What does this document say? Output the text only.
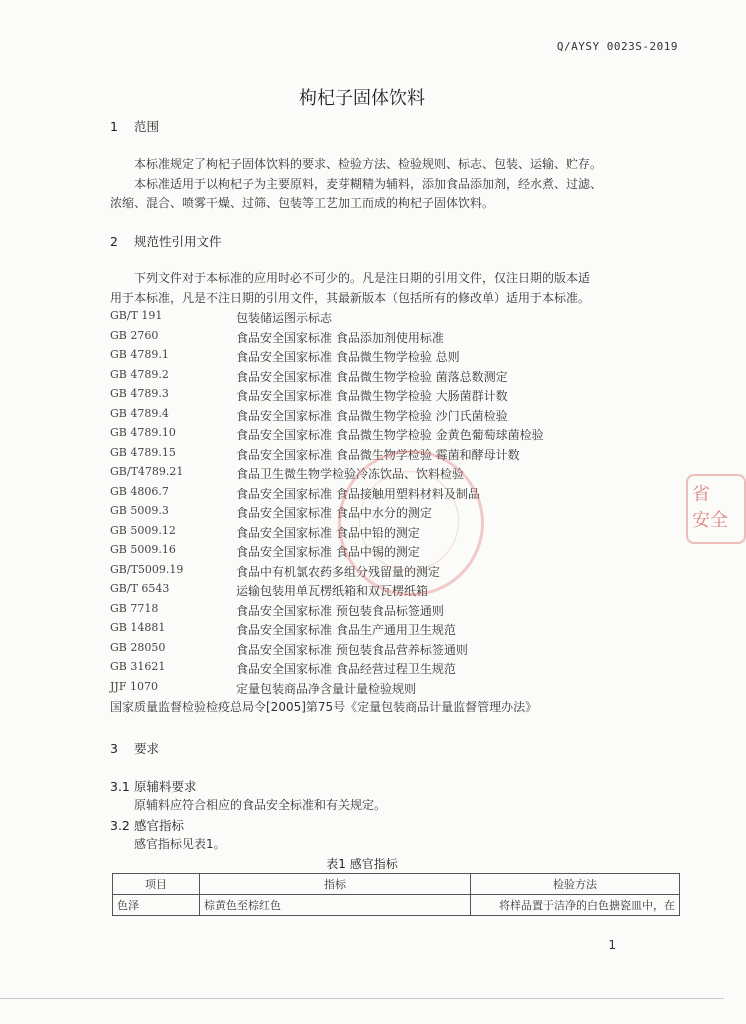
Q/AYSY 0023S-2019
枸杞子固体饮料
1 范围
本标准规定了枸杞子固体饮料的要求、检验方法、检验规则、标志、包装、运输、贮存。
本标准适用于以枸杞子为主要原料，麦芽糊精为辅料，添加食品添加剂，经水煮、过滤、
浓缩、混合、喷雾干燥、过筛、包装等工艺加工而成的枸杞子固体饮料。
2 规范性引用文件
下列文件对于本标准的应用时必不可少的。凡是注日期的引用文件，仅注日期的版本适
用于本标准，凡是不注日期的引用文件，其最新版本（包括所有的修改单）适用于本标准。
GB/T 191	包装储运图示标志
GB 2760	食品安全国家标准 食品添加剂使用标准
GB 4789.1	食品安全国家标准 食品微生物学检验 总则
GB 4789.2	食品安全国家标准 食品微生物学检验 菌落总数测定
GB 4789.3	食品安全国家标准 食品微生物学检验 大肠菌群计数
GB 4789.4	食品安全国家标准 食品微生物学检验 沙门氏菌检验
GB 4789.10	食品安全国家标准 食品微生物学检验 金黄色葡萄球菌检验
GB 4789.15	食品安全国家标准 食品微生物学检验 霉菌和酵母计数
GB/T4789.21	食品卫生微生物学检验冷冻饮品、饮料检验
GB 4806.7	食品安全国家标准 食品接触用塑料材料及制品
GB 5009.3	食品安全国家标准 食品中水分的测定
GB 5009.12	食品安全国家标准 食品中铅的测定
GB 5009.16	食品安全国家标准 食品中锡的测定
GB/T5009.19	食品中有机氯农药多组分残留量的测定
GB/T 6543	运输包装用单瓦楞纸箱和双瓦楞纸箱
GB 7718	食品安全国家标准 预包装食品标签通则
GB 14881	食品安全国家标准 食品生产通用卫生规范
GB 28050	食品安全国家标准 预包装食品营养标签通则
GB 31621	食品安全国家标准 食品经营过程卫生规范
JJF 1070	定量包装商品净含量计量检验规则
国家质量监督检验检疫总局令[2005]第75号《定量包装商品计量监督管理办法》
省
安全
3 要求
3.1 原辅料要求
原辅料应符合相应的食品安全标准和有关规定。
3.2 感官指标
感官指标见表1。
表1 感官指标
项目	指标	检验方法
色泽	棕黄色至棕红色	将样品置于洁净的白色搪瓷皿中，在
1
